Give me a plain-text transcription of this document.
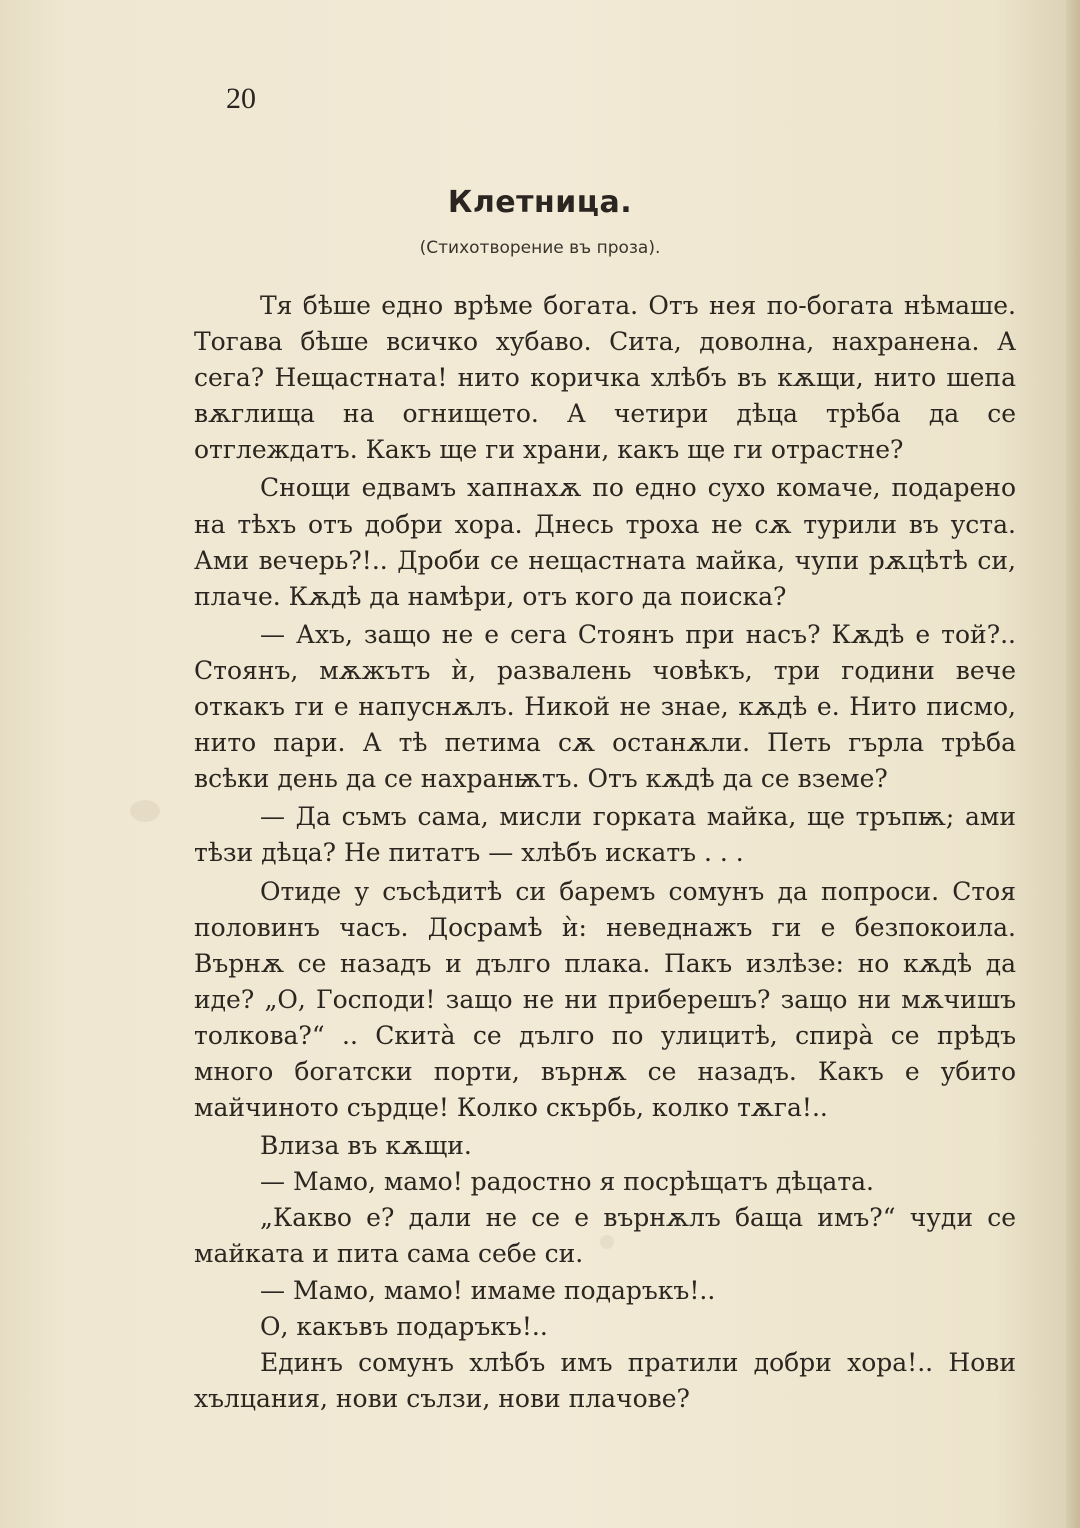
20
Клетница.
(Стихотворение въ проза).

Тя бѣше едно врѣме богата. Отъ нея по-богата нѣмаше. Тогава бѣше всичко хубаво. Сита, доволна, нахранена. А сега? Нещастната! нито коричка хлѣбъ въ кѫщи, нито шепа вѫглища на огнището. А четири дѣца трѣба да се отглеждатъ. Какъ ще ги храни, какъ ще ги отрастне?

Снощи едвамъ хапнахѫ по едно сухо комаче, подарено на тѣхъ отъ добри хора. Днесь троха не сѫ турили въ уста. Ами вечерь?!.. Дроби се нещастната майка, чупи рѫцѣтѣ си, плаче. Кѫдѣ да намѣри, отъ кого да поиска?

— Ахъ, защо не е сега Стоянъ при насъ? Кѫдѣ е той?.. Стоянъ, мѫжътъ ѝ, развалень човѣкъ, три години вече откакъ ги е напуснѫлъ. Никой не знае, кѫдѣ е. Нито писмо, нито пари. А тѣ петима сѫ останѫли. Петь гърла трѣба всѣки день да се нахранѭтъ. Отъ кѫдѣ да се вземе?

— Да съмъ сама, мисли горката майка, ще тръпѭ; ами тѣзи дѣца? Не питатъ — хлѣбъ искатъ . . .

Отиде у съсѣдитѣ си баремъ сомунъ да попроси. Стоя половинъ часъ. Досрамѣ ѝ: неведнажъ ги е безпокоила. Върнѫ се назадъ и дълго плака. Пакъ излѣзе: но кѫдѣ да иде? „О, Господи! защо не ни приберешъ? защо ни мѫчишъ толкова?“ .. Скитà се дълго по улицитѣ, спирà се прѣдъ много богатски порти, върнѫ се назадъ. Какъ е убито майчиното сърдце! Колко скърбь, колко тѫга!..

Влиза въ кѫщи.

— Мамо, мамо! радостно я посрѣщатъ дѣцата.

„Какво е? дали не се е върнѫлъ баща имъ?“ чуди се майката и пита сама себе си.

— Мамо, мамо! имаме подаръкъ!..

О, какъвъ подаръкъ!..

Единъ сомунъ хлѣбъ имъ пратили добри хора!.. Нови хълцания, нови сълзи, нови плачове?
